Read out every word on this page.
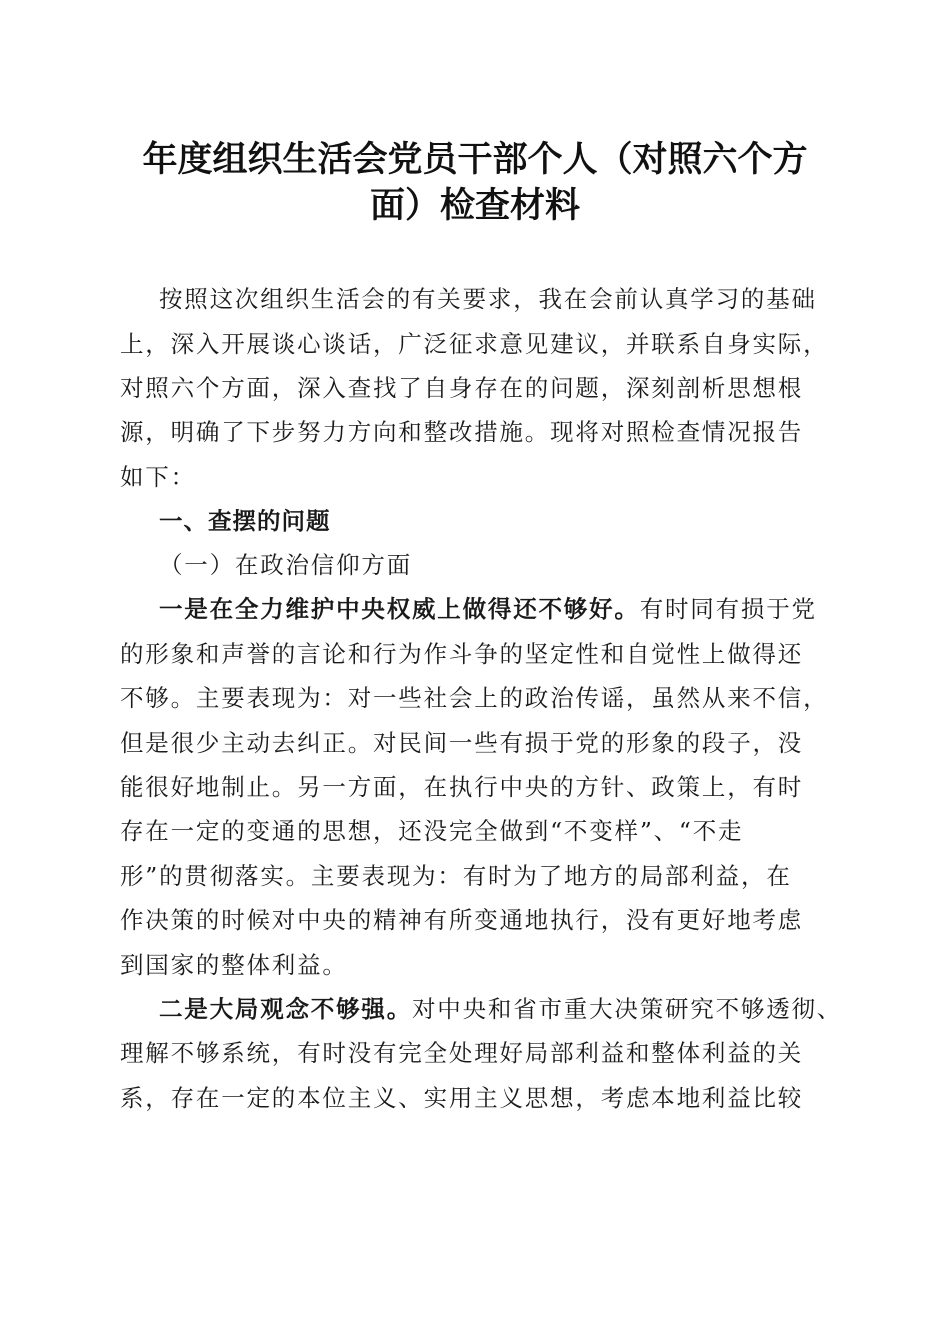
年度组织生活会党员干部个人（对照六个方
面）检查材料

按照这次组织生活会的有关要求，我在会前认真学习的基础

上，深入开展谈心谈话，广泛征求意见建议，并联系自身实际，

对照六个方面，深入查找了自身存在的问题，深刻剖析思想根

源，明确了下步努力方向和整改措施。现将对照检查情况报告

如下：

一、查摆的问题

（一）在政治信仰方面

一是在全力维护中央权威上做得还不够好。有时同有损于党

的形象和声誉的言论和行为作斗争的坚定性和自觉性上做得还

不够。主要表现为：对一些社会上的政治传谣，虽然从来不信，

但是很少主动去纠正。对民间一些有损于党的形象的段子，没

能很好地制止。另一方面，在执行中央的方针、政策上，有时

存在一定的变通的思想，还没完全做到“不变样”、“不走

形”的贯彻落实。主要表现为：有时为了地方的局部利益，在

作决策的时候对中央的精神有所变通地执行，没有更好地考虑

到国家的整体利益。

二是大局观念不够强。对中央和省市重大决策研究不够透彻、

理解不够系统，有时没有完全处理好局部利益和整体利益的关

系，存在一定的本位主义、实用主义思想，考虑本地利益比较
